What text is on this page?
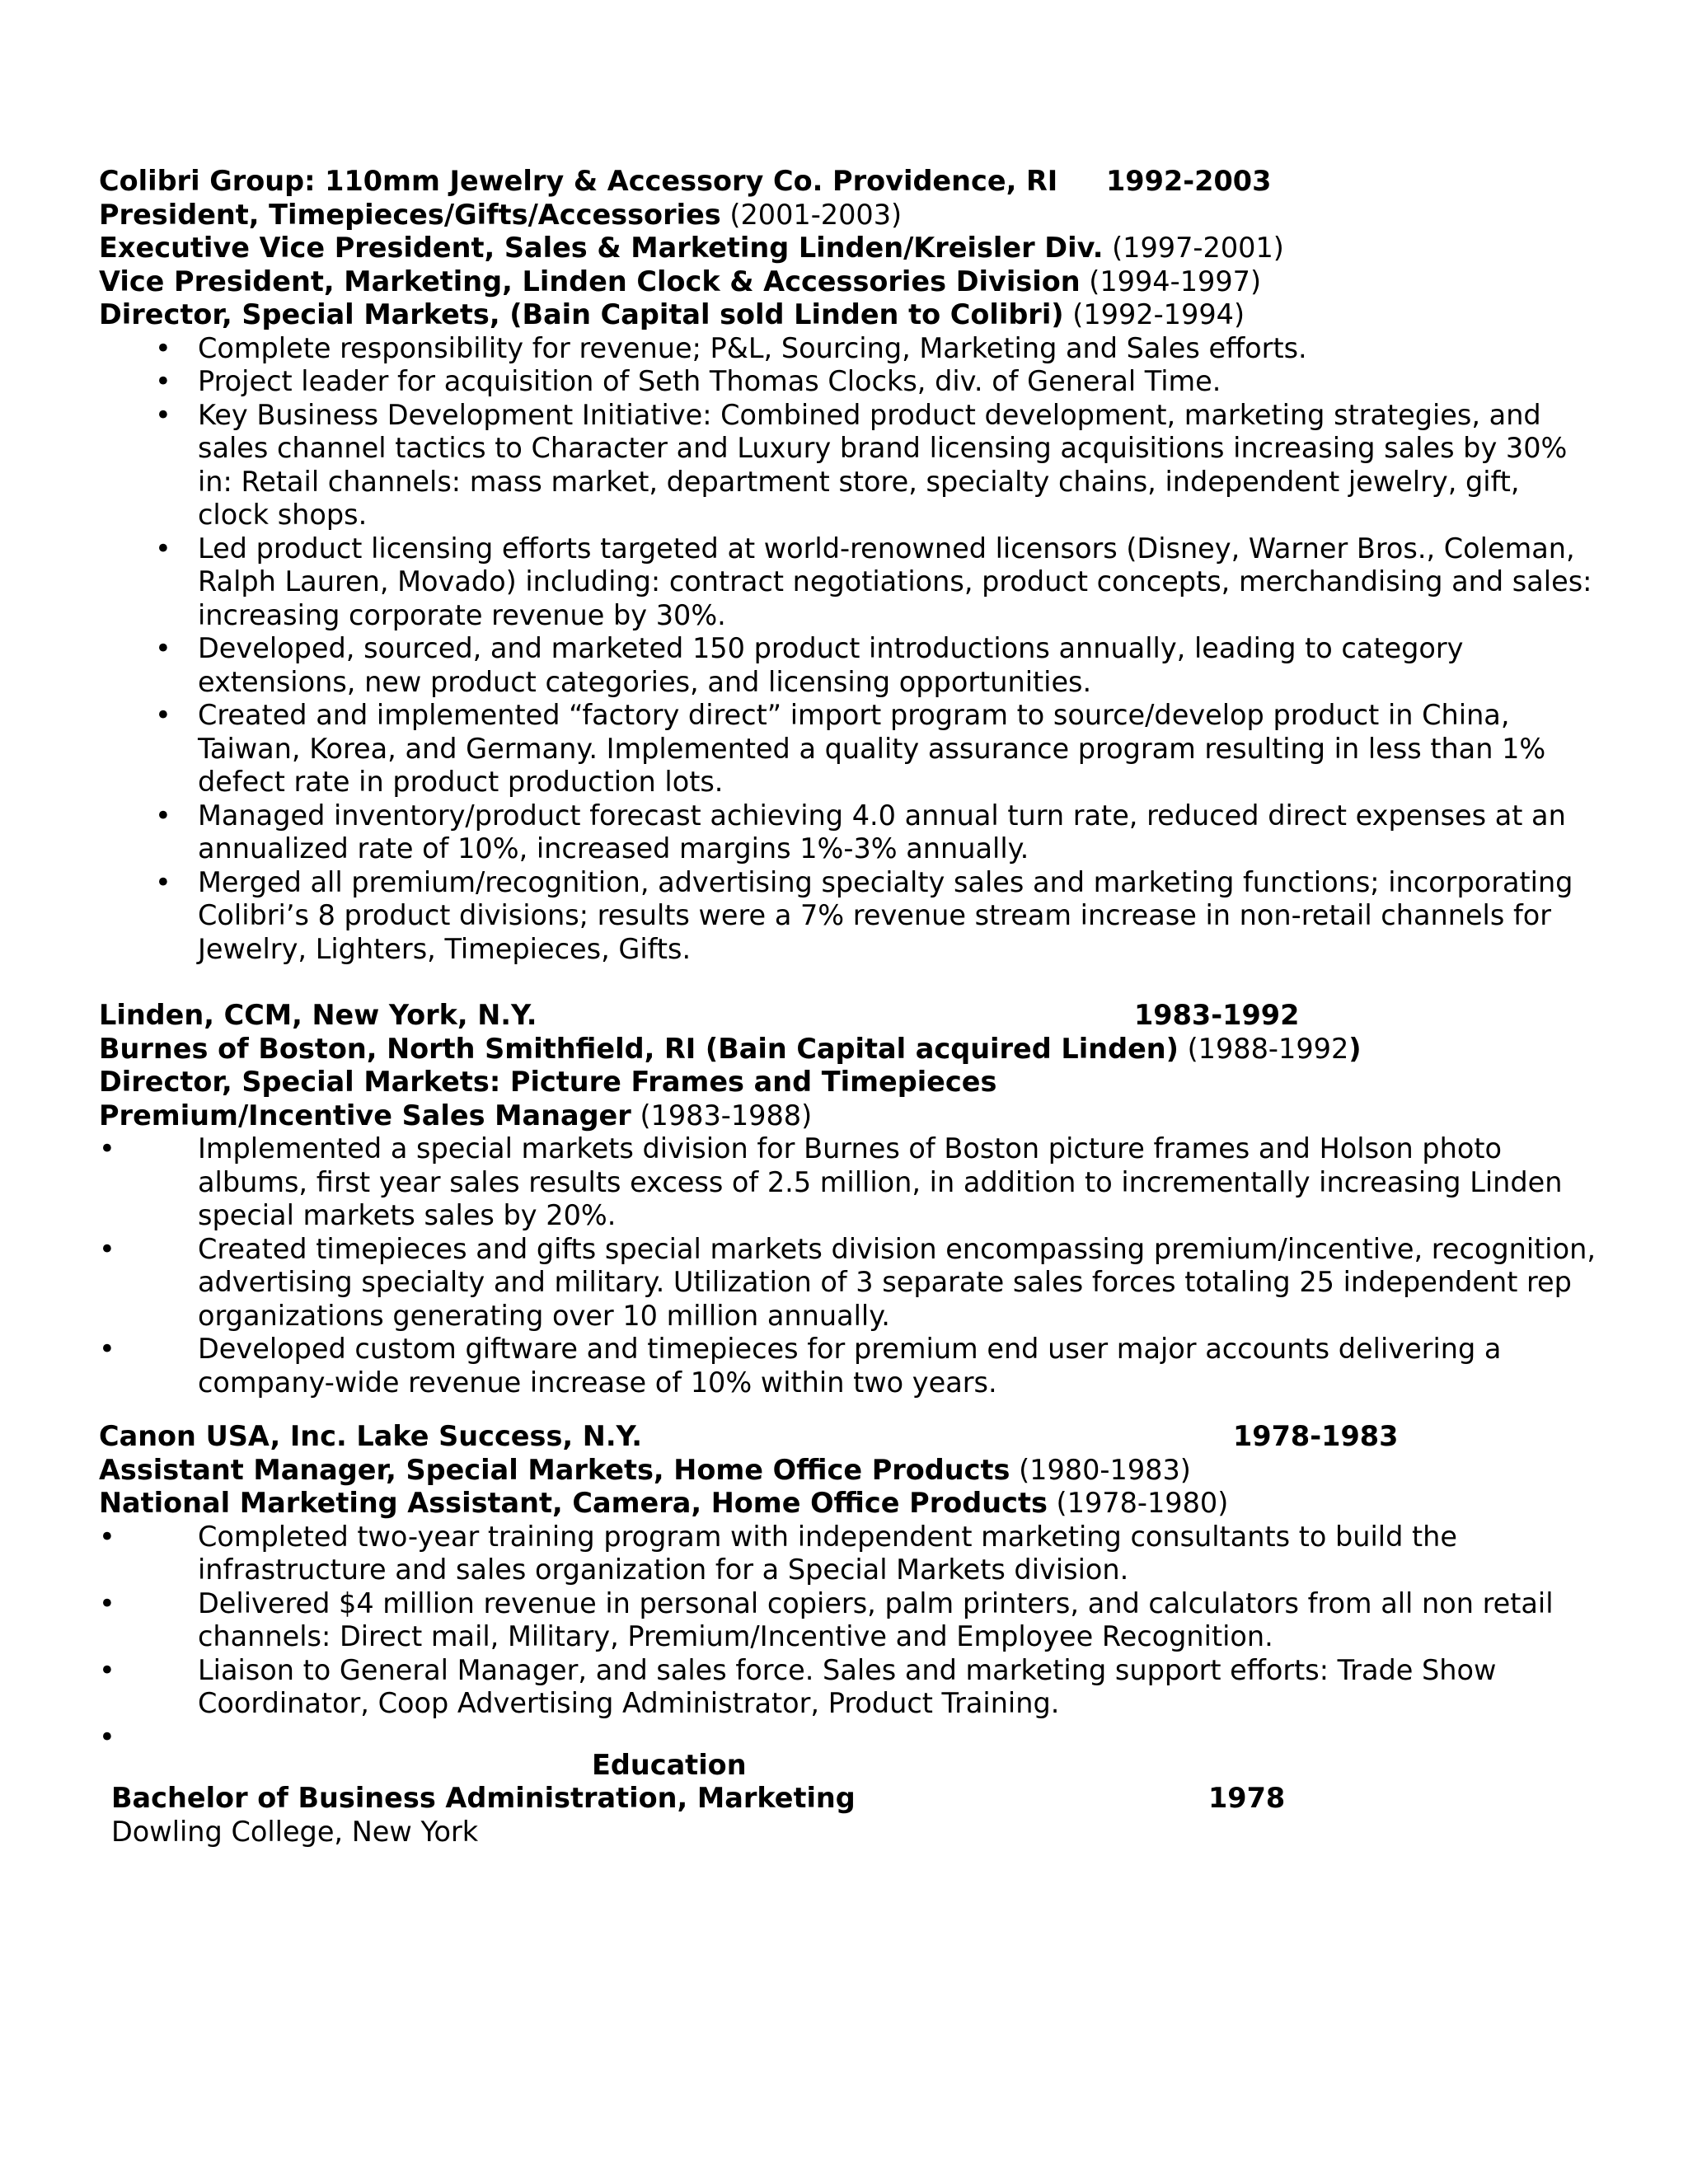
Colibri Group: 110mm Jewelry & Accessory Co. Providence, RI 1992-2003
President, Timepieces/Gifts/Accessories (2001-2003)
Executive Vice President, Sales & Marketing Linden/Kreisler Div. (1997-2001)
Vice President, Marketing, Linden Clock & Accessories Division (1994-1997)
Director, Special Markets, (Bain Capital sold Linden to Colibri) (1992-1994)
• Complete responsibility for revenue; P&L, Sourcing, Marketing and Sales efforts.
• Project leader for acquisition of Seth Thomas Clocks, div. of General Time.
• Key Business Development Initiative: Combined product development, marketing strategies, and sales channel tactics to Character and Luxury brand licensing acquisitions increasing sales by 30% in: Retail channels: mass market, department store, specialty chains, independent jewelry, gift, clock shops.
• Led product licensing efforts targeted at world-renowned licensors (Disney, Warner Bros., Coleman, Ralph Lauren, Movado) including: contract negotiations, product concepts, merchandising and sales: increasing corporate revenue by 30%.
• Developed, sourced, and marketed 150 product introductions annually, leading to category extensions, new product categories, and licensing opportunities.
• Created and implemented “factory direct” import program to source/develop product in China, Taiwan, Korea, and Germany. Implemented a quality assurance program resulting in less than 1% defect rate in product production lots.
• Managed inventory/product forecast achieving 4.0 annual turn rate, reduced direct expenses at an annualized rate of 10%, increased margins 1%-3% annually.
• Merged all premium/recognition, advertising specialty sales and marketing functions; incorporating Colibri’s 8 product divisions; results were a 7% revenue stream increase in non-retail channels for Jewelry, Lighters, Timepieces, Gifts.
Linden, CCM, New York, N.Y.	1983-1992
Burnes of Boston, North Smithfield, RI (Bain Capital acquired Linden) (1988-1992)
Director, Special Markets: Picture Frames and Timepieces
Premium/Incentive Sales Manager (1983-1988)
•	Implemented a special markets division for Burnes of Boston picture frames and Holson photo albums, first year sales results excess of 2.5 million, in addition to incrementally increasing Linden special markets sales by 20%.
•	Created timepieces and gifts special markets division encompassing premium/incentive, recognition, advertising specialty and military. Utilization of 3 separate sales forces totaling 25 independent rep organizations generating over 10 million annually.
•	Developed custom giftware and timepieces for premium end user major accounts delivering a company-wide revenue increase of 10% within two years.
Canon USA, Inc. Lake Success, N.Y.	1978-1983
Assistant Manager, Special Markets, Home Office Products (1980-1983)
National Marketing Assistant, Camera, Home Office Products (1978-1980)
•	Completed two-year training program with independent marketing consultants to build the infrastructure and sales organization for a Special Markets division.
•	Delivered $4 million revenue in personal copiers, palm printers, and calculators from all non retail channels: Direct mail, Military, Premium/Incentive and Employee Recognition.
•	Liaison to General Manager, and sales force. Sales and marketing support efforts: Trade Show Coordinator, Coop Advertising Administrator, Product Training.
•
Education
Bachelor of Business Administration, Marketing	1978
Dowling College, New York
